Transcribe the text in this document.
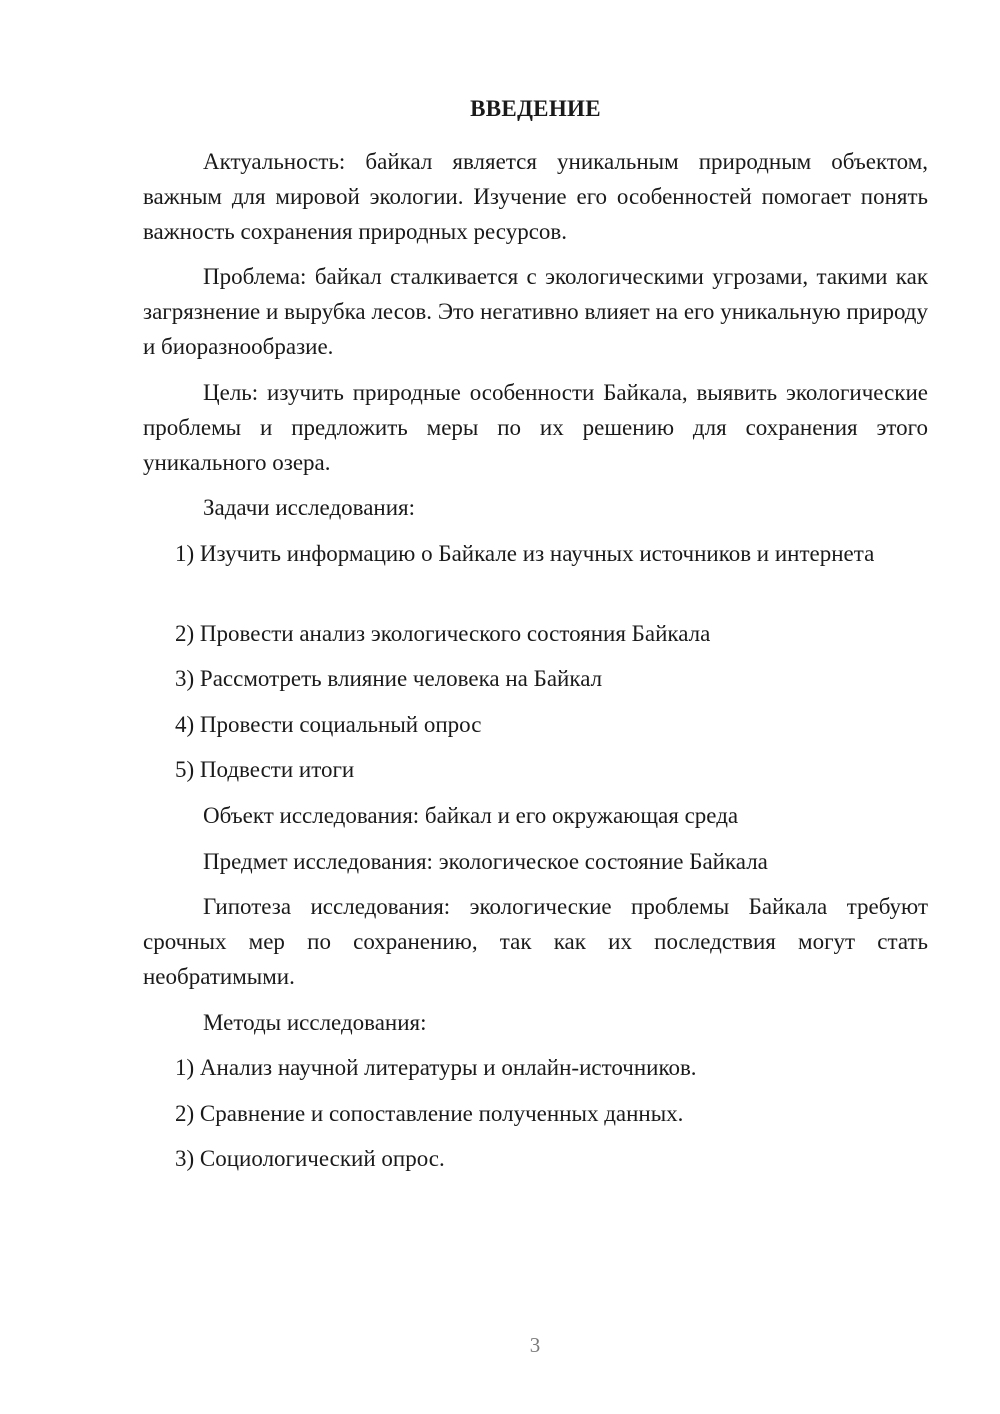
ВВЕДЕНИЕ

Актуальность: байкал является уникальным природным объектом, важным для мировой экологии. Изучение его особенностей помогает понять важность сохранения природных ресурсов.

Проблема: байкал сталкивается с экологическими угрозами, такими как загрязнение и вырубка лесов. Это негативно влияет на его уникальную природу и биоразнообразие.

Цель: изучить природные особенности Байкала, выявить экологические проблемы и предложить меры по их решению для сохранения этого уникального озера.

Задачи исследования:

1) Изучить информацию о Байкале из научных источников и интернета

2) Провести анализ экологического состояния Байкала

3) Рассмотреть влияние человека на Байкал

4) Провести социальный опрос

5) Подвести итоги

Объект исследования: байкал и его окружающая среда

Предмет исследования: экологическое состояние Байкала

Гипотеза исследования: экологические проблемы Байкала требуют срочных мер по сохранению, так как их последствия могут стать необратимыми.

Методы исследования:

1) Анализ научной литературы и онлайн-источников.

2) Сравнение и сопоставление полученных данных.

3) Социологический опрос.

3
